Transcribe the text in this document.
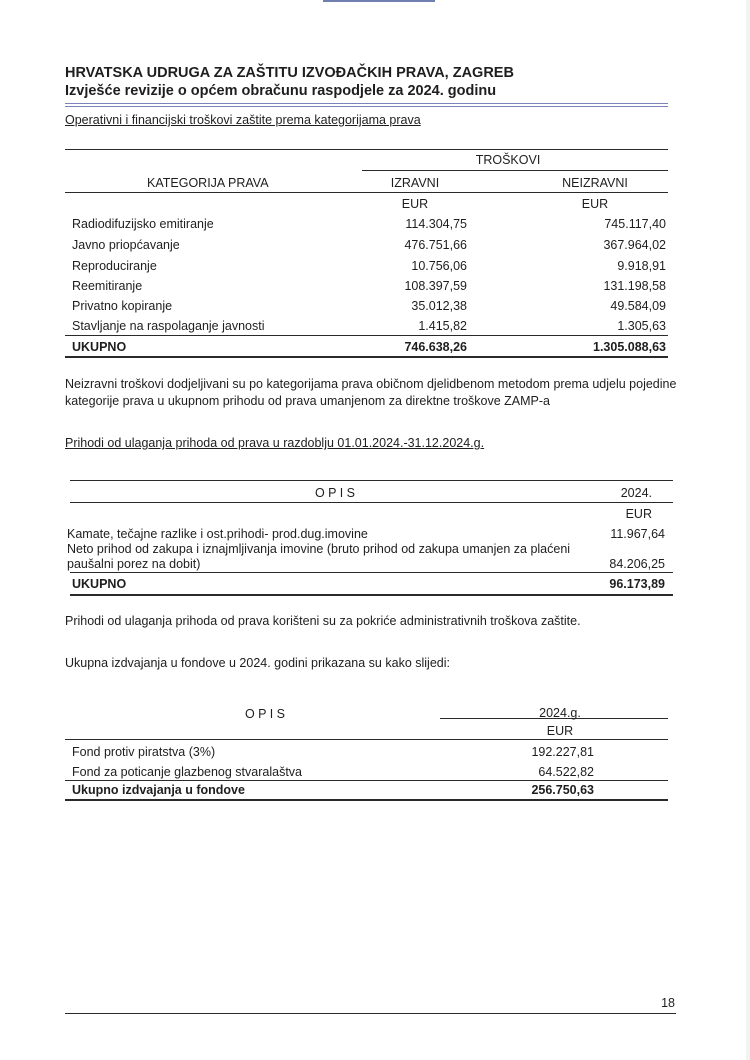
HRVATSKA UDRUGA ZA ZAŠTITU IZVOĐAČKIH PRAVA, ZAGREB
Izvješće revizije o općem obračunu raspodjele za 2024. godinu
Operativni i financijski troškovi zaštite prema kategorijama prava
TROŠKOVI
KATEGORIJA PRAVA	IZRAVNI	NEIZRAVNI
EUR	EUR
Radiodifuzijsko emitiranje	114.304,75	745.117,40
Javno priopćavanje	476.751,66	367.964,02
Reproduciranje	10.756,06	9.918,91
Reemitiranje	108.397,59	131.198,58
Privatno kopiranje	35.012,38	49.584,09
Stavljanje na raspolaganje javnosti	1.415,82	1.305,63
UKUPNO	746.638,26	1.305.088,63
Neizravni troškovi dodjeljivani su po kategorijama prava običnom djelidbenom metodom prema udjelu pojedine
kategorije prava u ukupnom prihodu od prava umanjenom za direktne troškove ZAMP-a
Prihodi od ulaganja prihoda od prava u razdoblju 01.01.2024.-31.12.2024.g.
O P I S	2024.
EUR
Kamate, tečajne razlike i ost.prihodi- prod.dug.imovine	11.967,64
Neto prihod od zakupa i iznajmljivanja imovine (bruto prihod od zakupa umanjen za plaćeni
paušalni porez na dobit)	84.206,25
UKUPNO	96.173,89
Prihodi od ulaganja prihoda od prava korišteni su za pokriće administrativnih troškova zaštite.
Ukupna izdvajanja u fondove u 2024. godini prikazana su kako slijedi:
O P I S	2024.g.
EUR
Fond protiv piratstva (3%)	192.227,81
Fond za poticanje glazbenog stvaralaštva	64.522,82
Ukupno izdvajanja u fondove	256.750,63
18
